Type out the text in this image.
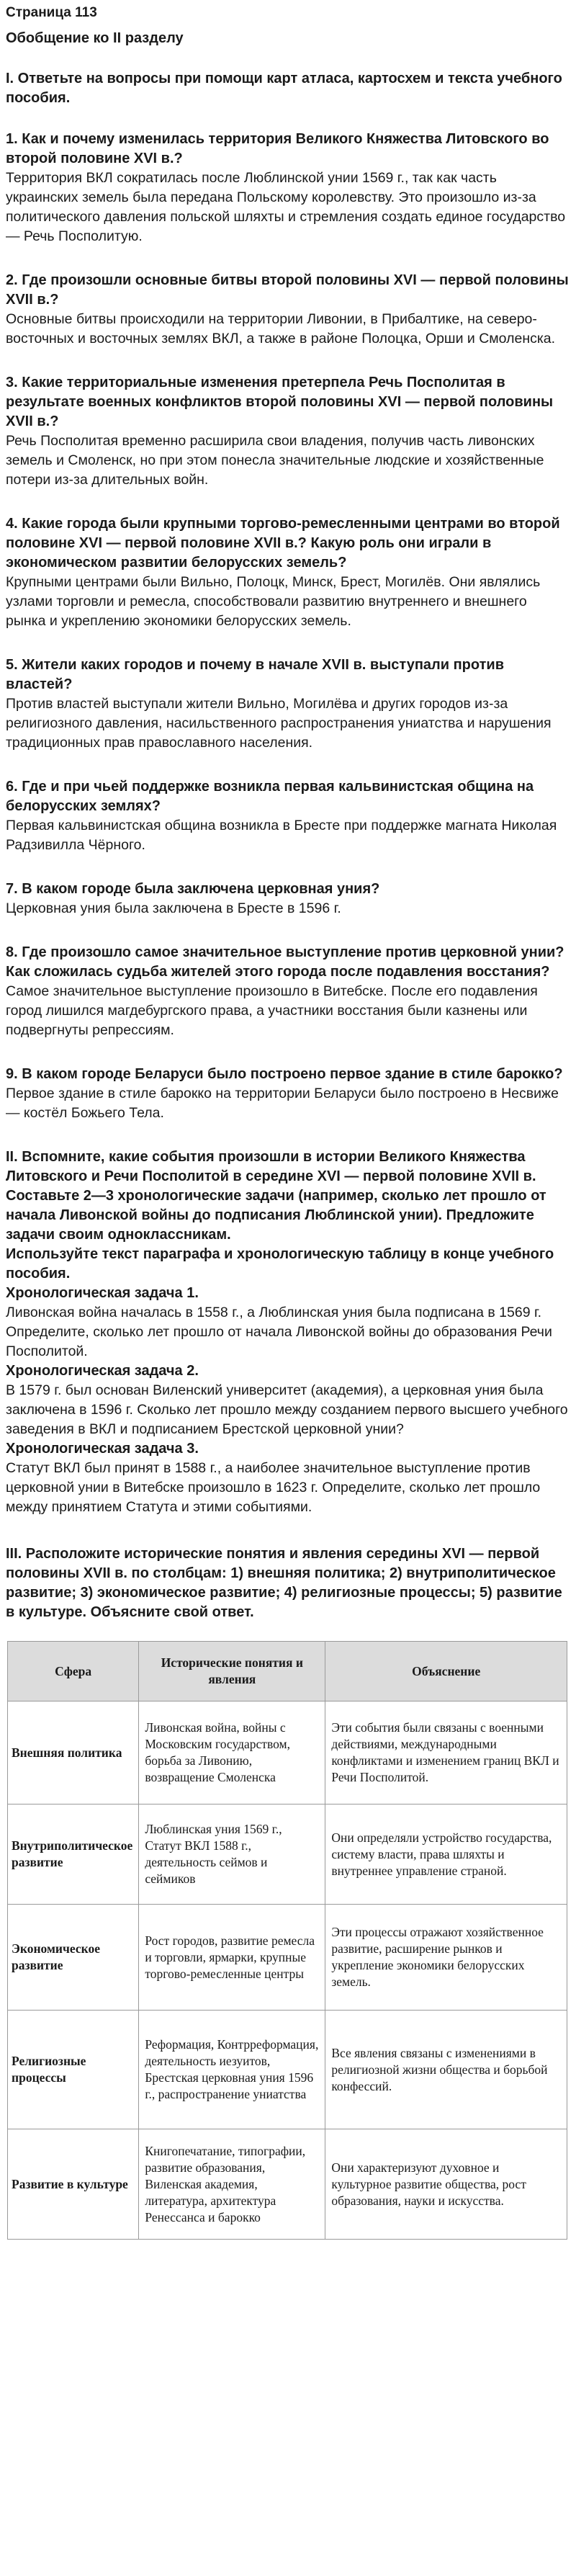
Страница 113
Обобщение ко II разделу
I. Ответьте на вопросы при помощи карт атласа, картосхем и текста учебного пособия.
1. Как и почему изменилась территория Великого Княжества Литовского во второй половине XVI в.?
Территория ВКЛ сократилась после Люблинской унии 1569 г., так как часть украинских земель была передана Польскому королевству. Это произошло из-за политического давления польской шляхты и стремления создать единое государство — Речь Посполитую.
2. Где произошли основные битвы второй половины XVI — первой половины XVII в.?
Основные битвы происходили на территории Ливонии, в Прибалтике, на северо-восточных и восточных землях ВКЛ, а также в районе Полоцка, Орши и Смоленска.
3. Какие территориальные изменения претерпела Речь Посполитая в результате военных конфликтов второй половины XVI — первой половины XVII в.?
Речь Посполитая временно расширила свои владения, получив часть ливонских земель и Смоленск, но при этом понесла значительные людские и хозяйственные потери из-за длительных войн.
4. Какие города были крупными торгово-ремесленными центрами во второй половине XVI — первой половине XVII в.? Какую роль они играли в экономическом развитии белорусских земель?
Крупными центрами были Вильно, Полоцк, Минск, Брест, Могилёв. Они являлись узлами торговли и ремесла, способствовали развитию внутреннего и внешнего рынка и укреплению экономики белорусских земель.
5. Жители каких городов и почему в начале XVII в. выступали против властей?
Против властей выступали жители Вильно, Могилёва и других городов из-за религиозного давления, насильственного распространения униатства и нарушения традиционных прав православного населения.
6. Где и при чьей поддержке возникла первая кальвинистская община на белорусских землях?
Первая кальвинистская община возникла в Бресте при поддержке магната Николая Радзивилла Чёрного.
7. В каком городе была заключена церковная уния?
Церковная уния была заключена в Бресте в 1596 г.
8. Где произошло самое значительное выступление против церковной унии? Как сложилась судьба жителей этого города после подавления восстания?
Самое значительное выступление произошло в Витебске. После его подавления город лишился магдебургского права, а участники восстания были казнены или подвергнуты репрессиям.
9. В каком городе Беларуси было построено первое здание в стиле барокко?
Первое здание в стиле барокко на территории Беларуси было построено в Несвиже — костёл Божьего Тела.
II. Вспомните, какие события произошли в истории Великого Княжества Литовского и Речи Посполитой в середине XVI — первой половине XVII в. Составьте 2—3 хронологические задачи (например, сколько лет прошло от начала Ливонской войны до подписания Люблинской унии). Предложите задачи своим одноклассникам.
Используйте текст параграфа и хронологическую таблицу в конце учебного пособия.
Хронологическая задача 1.
Ливонская война началась в 1558 г., а Люблинская уния была подписана в 1569 г. Определите, сколько лет прошло от начала Ливонской войны до образования Речи Посполитой.
Хронологическая задача 2.
В 1579 г. был основан Виленский университет (академия), а церковная уния была заключена в 1596 г. Сколько лет прошло между созданием первого высшего учебного заведения в ВКЛ и подписанием Брестской церковной унии?
Хронологическая задача 3.
Статут ВКЛ был принят в 1588 г., а наиболее значительное выступление против церковной унии в Витебске произошло в 1623 г. Определите, сколько лет прошло между принятием Статута и этими событиями.
III. Расположите исторические понятия и явления середины XVI — первой половины XVII в. по столбцам: 1) внешняя политика; 2) внутриполитическое развитие; 3) экономическое развитие; 4) религиозные процессы; 5) развитие в культуре. Объясните свой ответ.
Сфера	Исторические понятия и явления	Объяснение
Внешняя политика	Ливонская война, войны с Московским государством, борьба за Ливонию, возвращение Смоленска	Эти события были связаны с военными действиями, международными конфликтами и изменением границ ВКЛ и Речи Посполитой.
Внутриполитическое развитие	Люблинская уния 1569 г., Статут ВКЛ 1588 г., деятельность сеймов и сеймиков	Они определяли устройство государства, систему власти, права шляхты и внутреннее управление страной.
Экономическое развитие	Рост городов, развитие ремесла и торговли, ярмарки, крупные торгово-ремесленные центры	Эти процессы отражают хозяйственное развитие, расширение рынков и укрепление экономики белорусских земель.
Религиозные процессы	Реформация, Контрреформация, деятельность иезуитов, Брестская церковная уния 1596 г., распространение униатства	Все явления связаны с изменениями в религиозной жизни общества и борьбой конфессий.
Развитие в культуре	Книгопечатание, типографии, развитие образования, Виленская академия, литература, архитектура Ренессанса и барокко	Они характеризуют духовное и культурное развитие общества, рост образования, науки и искусства.
